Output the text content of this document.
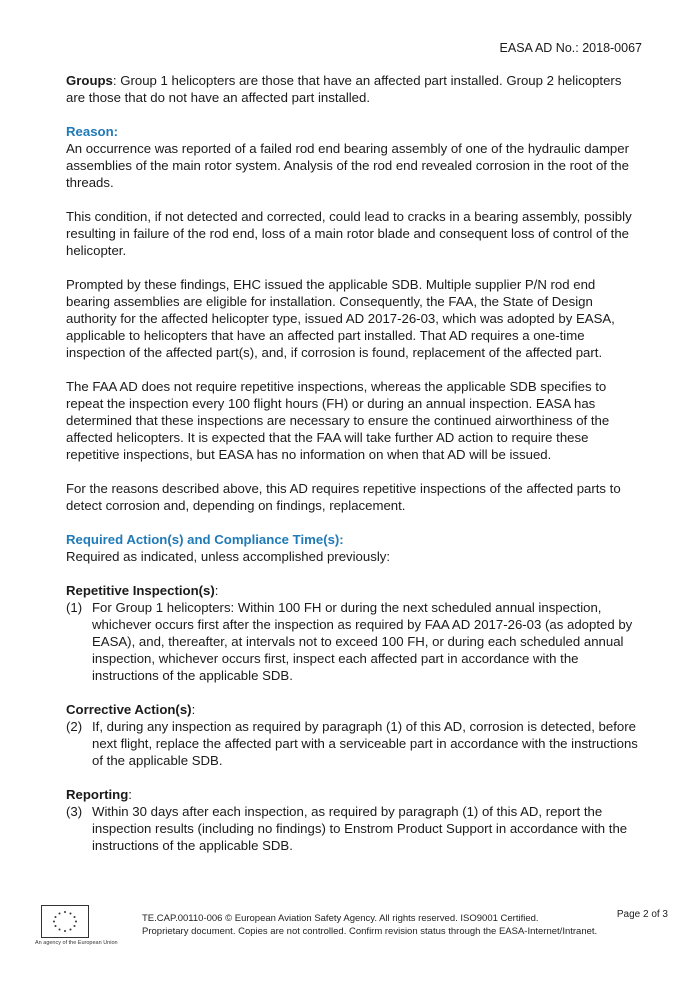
EASA AD No.: 2018-0067

Groups: Group 1 helicopters are those that have an affected part installed. Group 2 helicopters are those that do not have an affected part installed.

Reason:

An occurrence was reported of a failed rod end bearing assembly of one of the hydraulic damper assemblies of the main rotor system. Analysis of the rod end revealed corrosion in the root of the threads.

This condition, if not detected and corrected, could lead to cracks in a bearing assembly, possibly resulting in failure of the rod end, loss of a main rotor blade and consequent loss of control of the helicopter.

Prompted by these findings, EHC issued the applicable SDB. Multiple supplier P/N rod end bearing assemblies are eligible for installation. Consequently, the FAA, the State of Design authority for the affected helicopter type, issued AD 2017-26-03, which was adopted by EASA, applicable to helicopters that have an affected part installed. That AD requires a one-time inspection of the affected part(s), and, if corrosion is found, replacement of the affected part.

The FAA AD does not require repetitive inspections, whereas the applicable SDB specifies to repeat the inspection every 100 flight hours (FH) or during an annual inspection. EASA has determined that these inspections are necessary to ensure the continued airworthiness of the affected helicopters. It is expected that the FAA will take further AD action to require these repetitive inspections, but EASA has no information on when that AD will be issued.

For the reasons described above, this AD requires repetitive inspections of the affected parts to detect corrosion and, depending on findings, replacement.

Required Action(s) and Compliance Time(s):

Required as indicated, unless accomplished previously:

Repetitive Inspection(s):
(1) For Group 1 helicopters: Within 100 FH or during the next scheduled annual inspection, whichever occurs first after the inspection as required by FAA AD 2017-26-03 (as adopted by EASA), and, thereafter, at intervals not to exceed 100 FH, or during each scheduled annual inspection, whichever occurs first, inspect each affected part in accordance with the instructions of the applicable SDB.
Corrective Action(s):
(2) If, during any inspection as required by paragraph (1) of this AD, corrosion is detected, before next flight, replace the affected part with a serviceable part in accordance with the instructions of the applicable SDB.
Reporting:
(3) Within 30 days after each inspection, as required by paragraph (1) of this AD, report the inspection results (including no findings) to Enstrom Product Support in accordance with the instructions of the applicable SDB.
An agency of the European Union
TE.CAP.00110-006 © European Aviation Safety Agency. All rights reserved. ISO9001 Certified.
Proprietary document. Copies are not controlled. Confirm revision status through the EASA-Internet/Intranet.
Page 2 of 3
